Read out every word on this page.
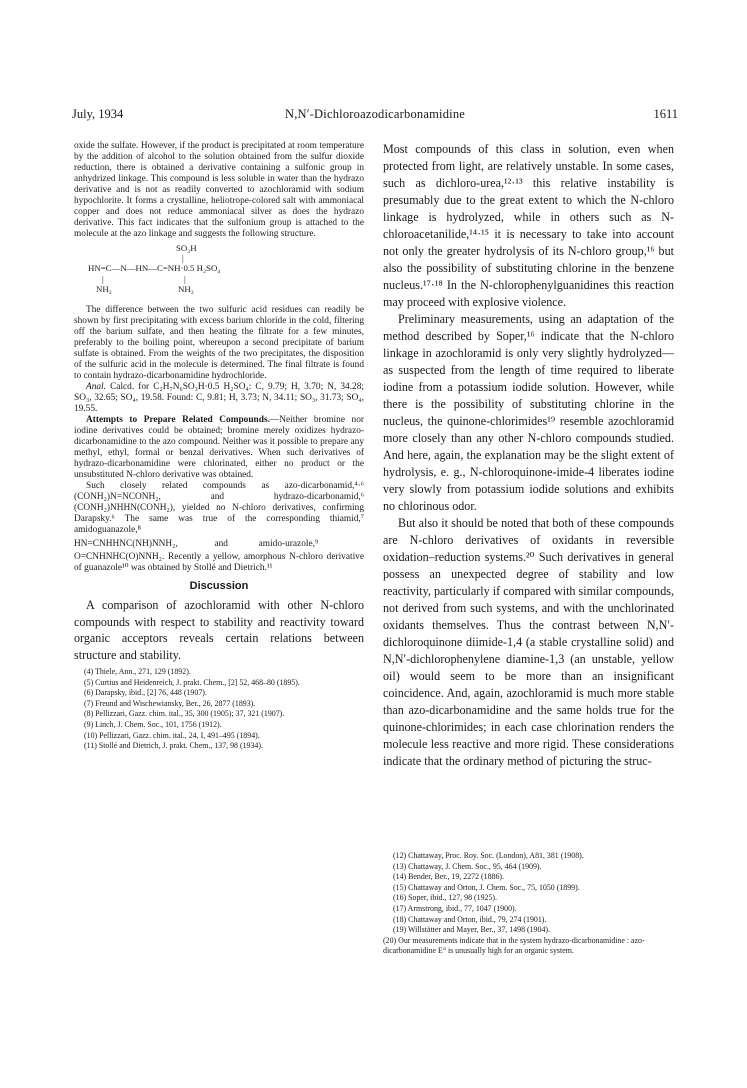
July, 1934	N,N′-Dichloroazodicarbonamidine	1611

oxide the sulfate. However, if the product is precipitated at room temperature by the addition of alcohol to the solution obtained from the sulfur dioxide reduction, there is obtained a derivative containing a sulfonic group in anhydrized linkage. This compound is less soluble in water than the hydrazo derivative and is not as readily converted to azochloramid with sodium hypochlorite. It forms a crystalline, heliotrope-colored salt with ammoniacal copper and does not reduce ammoniacal silver as does the hydrazo derivative. This fact indicates that the sulfonium group is attached to the molecule at the azo linkage and suggests the following structure.

SO₃H
|
HN=C—N—HN—C=NH·0.5 H₂SO₄
|	|
NH₂	NH₂

The difference between the two sulfuric acid residues can readily be shown by first precipitating with excess barium chloride in the cold, filtering off the barium sulfate, and then heating the filtrate for a few minutes, preferably to the boiling point, whereupon a second precipitate of barium sulfate is obtained. From the weights of the two precipitates, the disposition of the sulfuric acid in the molecule is determined. The final filtrate is found to contain hydrazo-dicarbonamidine hydrochloride.

Anal. Calcd. for C₂H₇N₆SO₃H·0.5 H₂SO₄: C, 9.79; H, 3.70; N, 34.28; SO₃, 32.65; SO₄, 19.58. Found: C, 9.81; H, 3.73; N, 34.11; SO₃, 31.73; SO₄, 19.55.

Attempts to Prepare Related Compounds.—Neither bromine nor iodine derivatives could be obtained; bromine merely oxidizes hydrazo-dicarbonamidine to the azo compound. Neither was it possible to prepare any methyl, ethyl, formal or benzal derivatives. When such derivatives of hydrazo-dicarbonamidine were chlorinated, either no product or the unsubstituted N-chloro derivative was obtained.

Such closely related compounds as azo-dicarbonamid,⁴·⁶ (CONH₂)N=NCONH₂, and hydrazo-dicarbonamid,⁶ (CONH₂)NHHN(CONH₂), yielded no N-chloro derivatives, confirming Darapsky.⁶ The same was true of the corresponding thiamid,⁷ amidoguanazole,⁸

HN=CNHHNC(NH)NNH₂,	and	amido-urazole,⁹

O=CNHNHC(O)NNH₂. Recently a yellow, amorphous N-chloro derivative of guanazole¹⁰ was obtained by Stollé and Dietrich.¹¹

Discussion

A comparison of azochloramid with other N-chloro compounds with respect to stability and reactivity toward organic acceptors reveals certain relations between structure and stability.

(4) Thiele, Ann., 271, 129 (1892).
(5) Curtius and Heidenreich, J. prakt. Chem., [2] 52, 468–80 (1895).
(6) Darapsky, ibid., [2] 76, 448 (1907).
(7) Freund and Wischewiansky, Ber., 26, 2877 (1893).
(8) Pellizzari, Gazz. chim. ital., 35, 300 (1905); 37, 321 (1907).
(9) Linch, J. Chem. Soc., 101, 1756 (1912).
(10) Pellizzari, Gazz. chim. ital., 24, I, 491–495 (1894).
(11) Stollé and Dietrich, J. prakt. Chem., 137, 98 (1934).

Most compounds of this class in solution, even when protected from light, are relatively unstable. In some cases, such as dichloro-urea,¹²·¹³ this relative instability is presumably due to the great extent to which the N-chloro linkage is hydrolyzed, while in others such as N-chloroacetanilide,¹⁴·¹⁵ it is necessary to take into account not only the greater hydrolysis of its N-chloro group,¹⁶ but also the possibility of substituting chlorine in the benzene nucleus.¹⁷·¹⁸ In the N-chlorophenylguanidines this reaction may proceed with explosive violence.

Preliminary measurements, using an adaptation of the method described by Soper,¹⁶ indicate that the N-chloro linkage in azochloramid is only very slightly hydrolyzed—as suspected from the length of time required to liberate iodine from a potassium iodide solution. However, while there is the possibility of substituting chlorine in the nucleus, the quinone-chlorimides¹⁹ resemble azochloramid more closely than any other N-chloro compounds studied. And here, again, the explanation may be the slight extent of hydrolysis, e. g., N-chloroquinone-imide-4 liberates iodine very slowly from potassium iodide solutions and exhibits no chlorinous odor.

But also it should be noted that both of these compounds are N-chloro derivatives of oxidants in reversible oxidation–reduction systems.²⁰ Such derivatives in general possess an unexpected degree of stability and low reactivity, particularly if compared with similar compounds, not derived from such systems, and with the unchlorinated oxidants themselves. Thus the contrast between N,N′-dichloroquinone diimide-1,4 (a stable crystalline solid) and N,N′-dichlorophenylene diamine-1,3 (an unstable, yellow oil) would seem to be more than an insignificant coincidence. And, again, azochloramid is much more stable than azo-dicarbonamidine and the same holds true for the quinone-chlorimides; in each case chlorination renders the molecule less reactive and more rigid. These considerations indicate that the ordinary method of picturing the struc-

(12) Chattaway, Proc. Roy. Soc. (London), A81, 381 (1908).
(13) Chattaway, J. Chem. Soc., 95, 464 (1909).
(14) Bender, Ber., 19, 2272 (1886).
(15) Chattaway and Orton, J. Chem. Soc., 75, 1050 (1899).
(16) Soper, ibid., 127, 98 (1925).
(17) Armstrong, ibid., 77, 1047 (1900).
(18) Chattaway and Orton, ibid., 79, 274 (1901).
(19) Willstätter and Mayer, Ber., 37, 1498 (1904).
(20) Our measurements indicate that in the system hydrazo-dicarbonamidine : azo-dicarbonamidine E° is unusually high for an organic system.
